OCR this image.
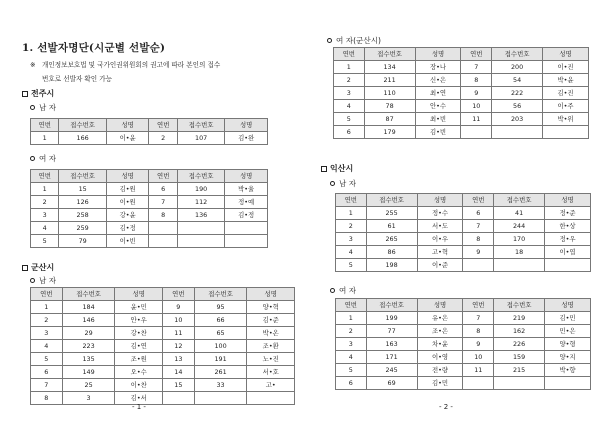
1. 선발자명단(시군별 선발순)
※ 개인정보보호법 및 국가인권위원회의 권고에 따라 본인의 접수
번호로 선발자 확인 가능
전주시
남 자
연번	접수번호	성명	연번	접수번호	성명
1	166	이•윤	2	107	김•완
여 자
연번	접수번호	성명	연번	접수번호	성명
1	15	김•원	6	190	박•율
2	126	이•원	7	112	정•예
3	258	강•윤	8	136	김•정
4	259	김•정			
5	79	이•빈			
군산시
남 자
연번	접수번호	성명	연번	접수번호	성명
1	184	윤•민	9	95	양•혁
2	146	안•우	10	66	김•준
3	29	강•찬	11	65	박•온
4	223	김•연	12	100	조•환
5	135	조•원	13	191	노•진
6	149	오•수	14	261	서•호
7	25	이•찬	15	33	고•
8	3	김•서			
- 1 -
여 자(군산시)
연번	접수번호	성명	연번	접수번호	성명
1	134	장•나	7	200	이•진
2	211	신•은	8	54	박•윤
3	110	최•연	9	222	김•진
4	78	안•수	10	56	이•주
5	87	최•빈	11	203	박•위
6	179	김•빈			
익산시
남 자
연번	접수번호	성명	연번	접수번호	성명
1	255	정•수	6	41	정•준
2	61	서•도	7	244	한•상
3	265	이•우	8	170	정•우
4	86	고•혁	9	18	이•엽
5	198	이•준			
여 자
연번	접수번호	성명	연번	접수번호	성명
1	199	유•은	7	219	김•민
2	77	조•은	8	162	민•은
3	163	차•윤	9	226	양•형
4	171	이•영	10	159	양•지
5	245	전•량	11	215	박•향
6	69	김•민			
- 2 -
